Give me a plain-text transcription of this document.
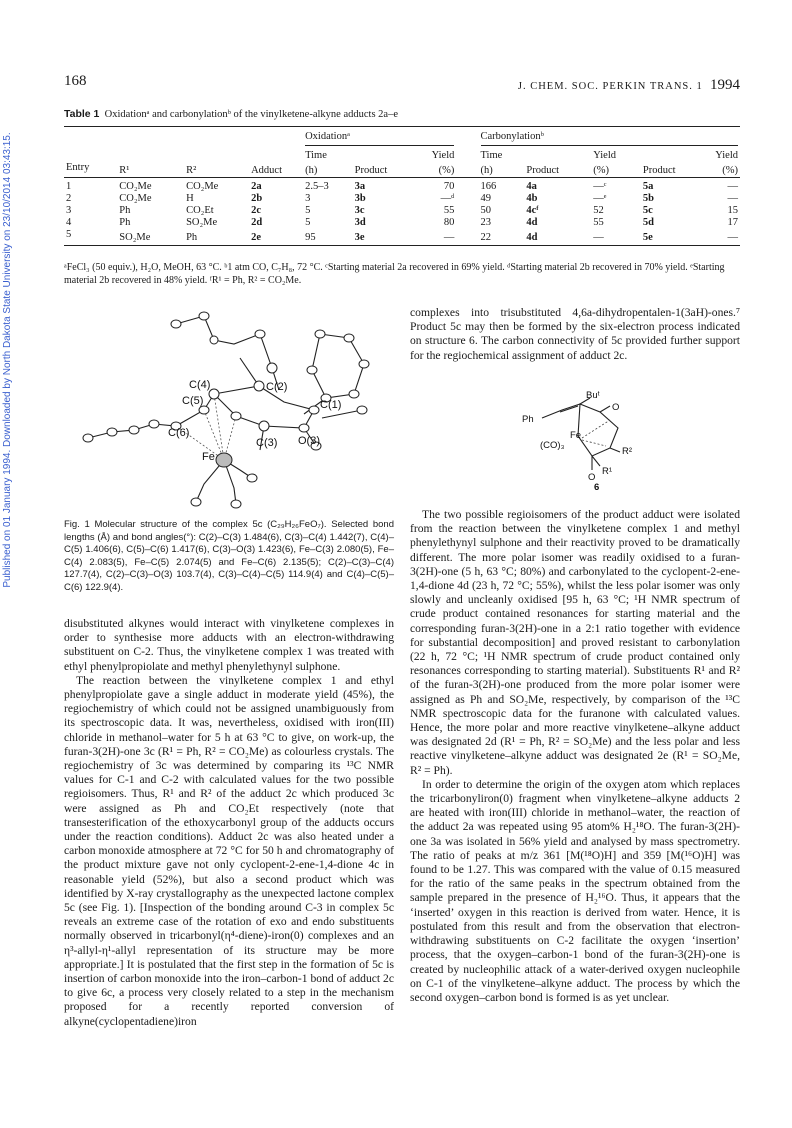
Published on 01 January 1994. Downloaded by North Dakota State University on 23/10/2014 03:43:15.
168	J. CHEM. SOC. PERKIN TRANS. 1 1994
Table 1 Oxidationᵃ and carbonylationᵇ of the vinylketene-alkyne adducts 2a–e

				Oxidationᵃ				Carbonylationᵇ				

				Time		Yield		Time		Yield		Yield
Entry	R¹	R²	Adduct	(h)	Product	(%)		(h)	Product	(%)	Product	(%)
1	CO₂Me	CO₂Me	2a	2.5–3	3a	70		166	4a	—ᶜ	5a	—
2	CO₂Me	H	2b	3	3b	—ᵈ		49	4b	—ᵉ	5b	—
3	Ph	CO₂Et	2c	5	3c	55		50	4cᶠ	52	5c	15
4	Ph	SO₂Me	2d	5	3d	80		23	4d	55	5d	17
5	SO₂Me	Ph	2e	95	3e	—		22	4d	—	5e	—
ᵃFeCl₃ (50 equiv.), H₂O, MeOH, 63 °C. ᵇ1 atm CO, C₇H₈, 72 °C. ᶜStarting material 2a recovered in 69% yield. ᵈStarting material 2b recovered in 70% yield. ᵉStarting material 2b recovered in 48% yield. ᶠR¹ = Ph, R² = CO₂Me.
C(4)
C(5)
C(6)
C(2)
C(1)
C(3) O(3)
Fe
Fig. 1 Molecular structure of the complex 5c (C₂₉H₂₆FeO₇). Selected bond lengths (Å) and bond angles(°): C(2)–C(3) 1.484(6), C(3)–C(4) 1.442(7), C(4)–C(5) 1.406(6), C(5)–C(6) 1.417(6), C(3)–O(3) 1.423(6), Fe–C(3) 2.080(5), Fe–C(4) 2.083(5), Fe–C(5) 2.074(5) and Fe–C(6) 2.135(5); C(2)–C(3)–C(4) 127.7(4), C(2)–C(3)–O(3) 103.7(4), C(3)–C(4)–C(5) 114.9(4) and C(4)–C(5)–C(6) 122.9(4).

disubstituted alkynes would interact with vinylketene complexes in order to synthesise more adducts with an electron-withdrawing substituent on C-2. Thus, the vinylketene complex 1 was treated with ethyl phenylpropiolate and methyl phenylethynyl sulphone.

The reaction between the vinylketene complex 1 and ethyl phenylpropiolate gave a single adduct in moderate yield (45%), the regiochemistry of which could not be assigned unambiguously from its spectroscopic data. It was, nevertheless, oxidised with iron(III) chloride in methanol–water for 5 h at 63 °C to give, on work-up, the furan-3(2H)-one 3c (R¹ = Ph, R² = CO₂Me) as colourless crystals. The regiochemistry of 3c was determined by comparing its ¹³C NMR values for C-1 and C-2 with calculated values for the two possible regioisomers. Thus, R¹ and R² of the adduct 2c which produced 3c were assigned as Ph and CO₂Et respectively (note that transesterification of the ethoxycarbonyl group of the adducts occurs under the reaction conditions). Adduct 2c was also heated under a carbon monoxide atmosphere at 72 °C for 50 h and chromatography of the product mixture gave not only cyclopent-2-ene-1,4-dione 4c in reasonable yield (52%), but also a second product which was identified by X-ray crystallography as the unexpected lactone complex 5c (see Fig. 1). [Inspection of the bonding around C-3 in complex 5c reveals an extreme case of the rotation of exo and endo substituents normally observed in tricarbonyl(η⁴-diene)-iron(0) complexes and an η³-allyl-η¹-allyl representation of its structure may be more appropriate.] It is postulated that the first step in the formation of 5c is insertion of carbon monoxide into the iron–carbon-1 bond of adduct 2c to give 6c, a process very closely related to a step in the mechanism proposed for a recently reported conversion of alkyne(cyclopentadiene)iron

complexes into trisubstituted 4,6a-dihydropentalen-1(3aH)-ones.⁷ Product 5c may then be formed by the six-electron process indicated on structure 6. The carbon connectivity of 5c provided further support for the regiochemical assignment of adduct 2c.
Buᵗ
Ph
Fe
(CO)₃
O
O
R²
R¹
6

The two possible regioisomers of the product adduct were isolated from the reaction between the vinylketene complex 1 and methyl phenylethynyl sulphone and their reactivity proved to be dramatically different. The more polar isomer was readily oxidised to a furan-3(2H)-one (5 h, 63 °C; 80%) and carbonylated to the cyclopent-2-ene-1,4-dione 4d (23 h, 72 °C; 55%), whilst the less polar isomer was only slowly and uncleanly oxidised [95 h, 63 °C; ¹H NMR spectrum of crude product contained resonances for starting material and the corresponding furan-3(2H)-one in a 2:1 ratio together with evidence for substantial decomposition] and proved resistant to carbonylation (22 h, 72 °C; ¹H NMR spectrum of crude product contained only resonances corresponding to starting material). Substituents R¹ and R² of the furan-3(2H)-one produced from the more polar isomer were assigned as Ph and SO₂Me, respectively, by comparison of the ¹³C NMR spectroscopic data for the furanone with calculated values. Hence, the more polar and more reactive vinylketene–alkyne adduct was designated 2d (R¹ = Ph, R² = SO₂Me) and the less polar and less reactive vinylketene–alkyne adduct was designated 2e (R¹ = SO₂Me, R² = Ph).

In order to determine the origin of the oxygen atom which replaces the tricarbonyliron(0) fragment when vinylketene–alkyne adducts 2 are heated with iron(III) chloride in methanol–water, the reaction of the adduct 2a was repeated using 95 atom% H₂¹⁸O. The furan-3(2H)-one 3a was isolated in 56% yield and analysed by mass spectrometry. The ratio of peaks at m/z 361 [M(¹⁸O)H] and 359 [M(¹⁶O)H] was found to be 1.27. This was compared with the value of 0.15 measured for the ratio of the same peaks in the spectrum obtained from the sample prepared in the presence of H₂¹⁶O. Thus, it appears that the ‘inserted’ oxygen in this reaction is derived from water. Hence, it is postulated from this result and from the observation that electron-withdrawing substituents on C-2 facilitate the oxygen ‘insertion’ process, that the oxygen–carbon-1 bond of the furan-3(2H)-one is created by nucleophilic attack of a water-derived oxygen nucleophile on C-1 of the vinylketene–alkyne adduct. The process by which the second oxygen–carbon bond is formed is as yet unclear.
